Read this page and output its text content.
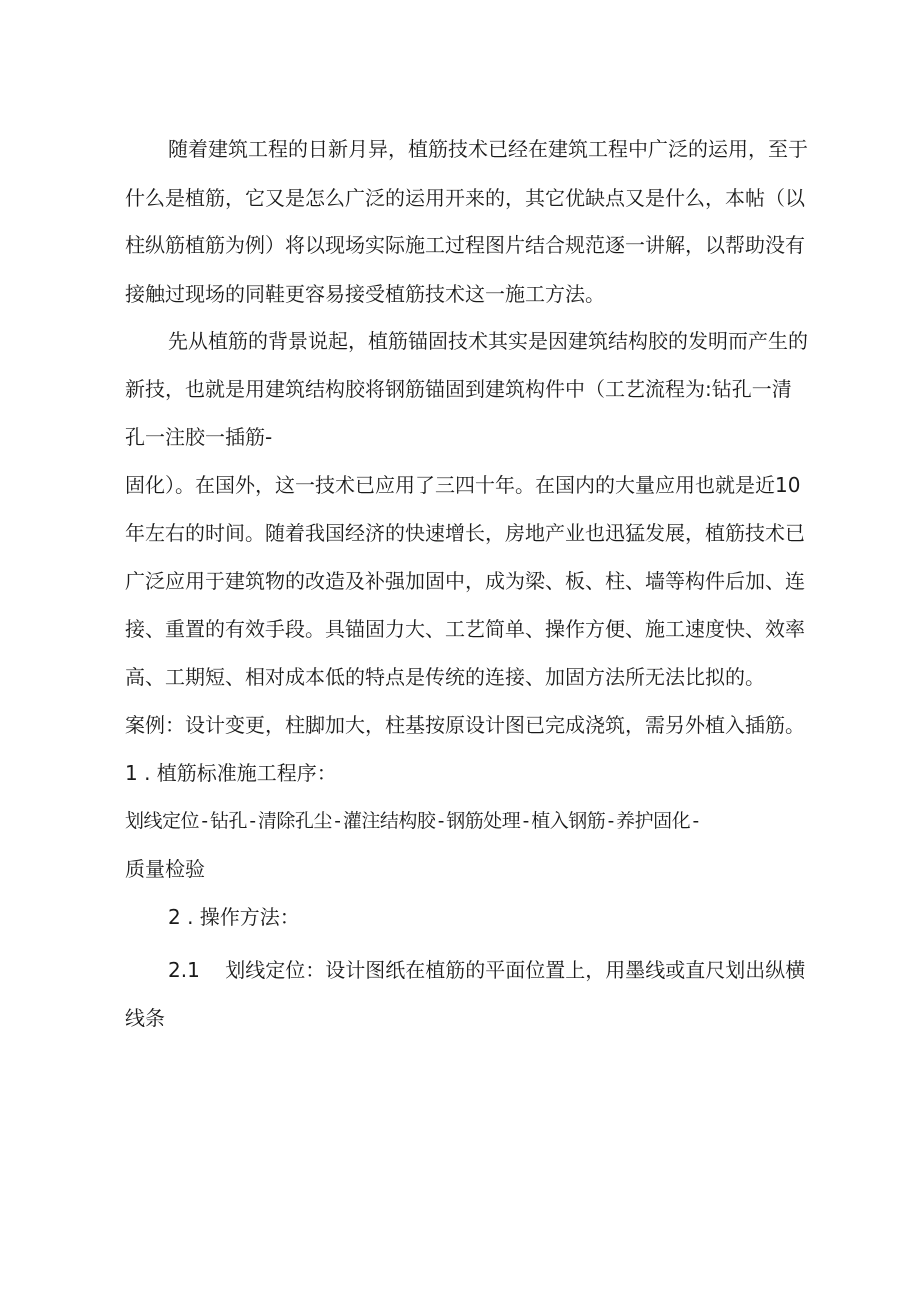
随着建筑工程的日新月异，植筋技术已经在建筑工程中广泛的运用，至于

什么是植筋，它又是怎么广泛的运用开来的，其它优缺点又是什么，本帖（以

柱纵筋植筋为例）将以现场实际施工过程图片结合规范逐一讲解，以帮助没有

接触过现场的同鞋更容易接受植筋技术这一施工方法。

先从植筋的背景说起，植筋锚固技术其实是因建筑结构胶的发明而产生的

新技，也就是用建筑结构胶将钢筋锚固到建筑构件中（工艺流程为:钻孔一清

孔一注胶一插筋-

固化）。在国外，这一技术已应用了三四十年。在国内的大量应用也就是近10

年左右的时间。随着我国经济的快速增长，房地产业也迅猛发展，植筋技术已

广泛应用于建筑物的改造及补强加固中，成为梁、板、柱、墙等构件后加、连

接、重置的有效手段。具锚固力大、工艺简单、操作方便、施工速度快、效率

高、工期短、相对成本低的特点是传统的连接、加固方法所无法比拟的。

案例：设计变更，柱脚加大，柱基按原设计图已完成浇筑，需另外植入插筋。

1 . 植筋标准施工程序：

划线定位-钻孔-清除孔尘-灌注结构胶-钢筋处理-植入钢筋-养护固化-

质量检验

2 . 操作方法：

2.1    划线定位：设计图纸在植筋的平面位置上，用墨线或直尺划出纵横

线条
